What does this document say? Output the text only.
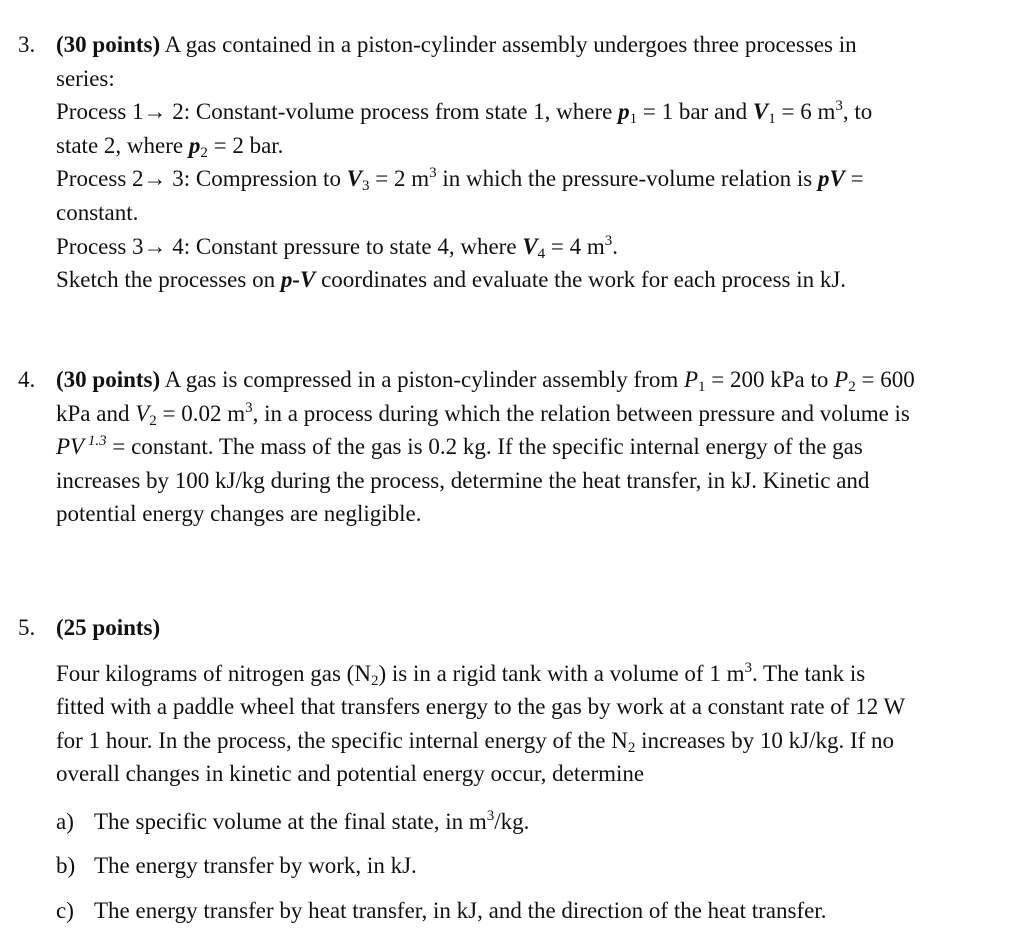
3. (30 points) A gas contained in a piston-cylinder assembly undergoes three processes in
series:
Process 1→ 2: Constant-volume process from state 1, where $p_1 = 1$ bar and $V_1 = 6$ $m^3$, to
state 2, where $p_2 = 2$ bar.
Process 2→ 3: Compression to $V_3 = 2$ $m^3$ in which the pressure-volume relation is pV =
constant.
Process 3→ 4: Constant pressure to state 4, where $V_4 = 4$ $m^3$.
Sketch the processes on p-V coordinates and evaluate the work for each process in kJ.
4. (30 points) A gas is compressed in a piston-cylinder assembly from $P_1 = 200$ kPa to $P_2 = 600$
kPa and $V_2 = 0.02$ $m^3$, in a process during which the relation between pressure and volume is
PV $^{1.3}$ = constant. The mass of the gas is 0.2 kg. If the specific internal energy of the gas
increases by 100 kJ/kg during the process, determine the heat transfer, in kJ. Kinetic and
potential energy changes are negligible.
5. (25 points)
Four kilograms of nitrogen gas $(N_2)$ is in a rigid tank with a volume of 1 $m^3$. The tank is
fitted with a paddle wheel that transfers energy to the gas by work at a constant rate of 12 W
for 1 hour. In the process, the specific internal energy of the $N_2$ increases by 10 kJ/kg. If no
overall changes in kinetic and potential energy occur, determine
a) The specific volume at the final state, in $m^3/kg$.
b) The energy transfer by work, in kJ.
c) The energy transfer by heat transfer, in kJ, and the direction of the heat transfer.
